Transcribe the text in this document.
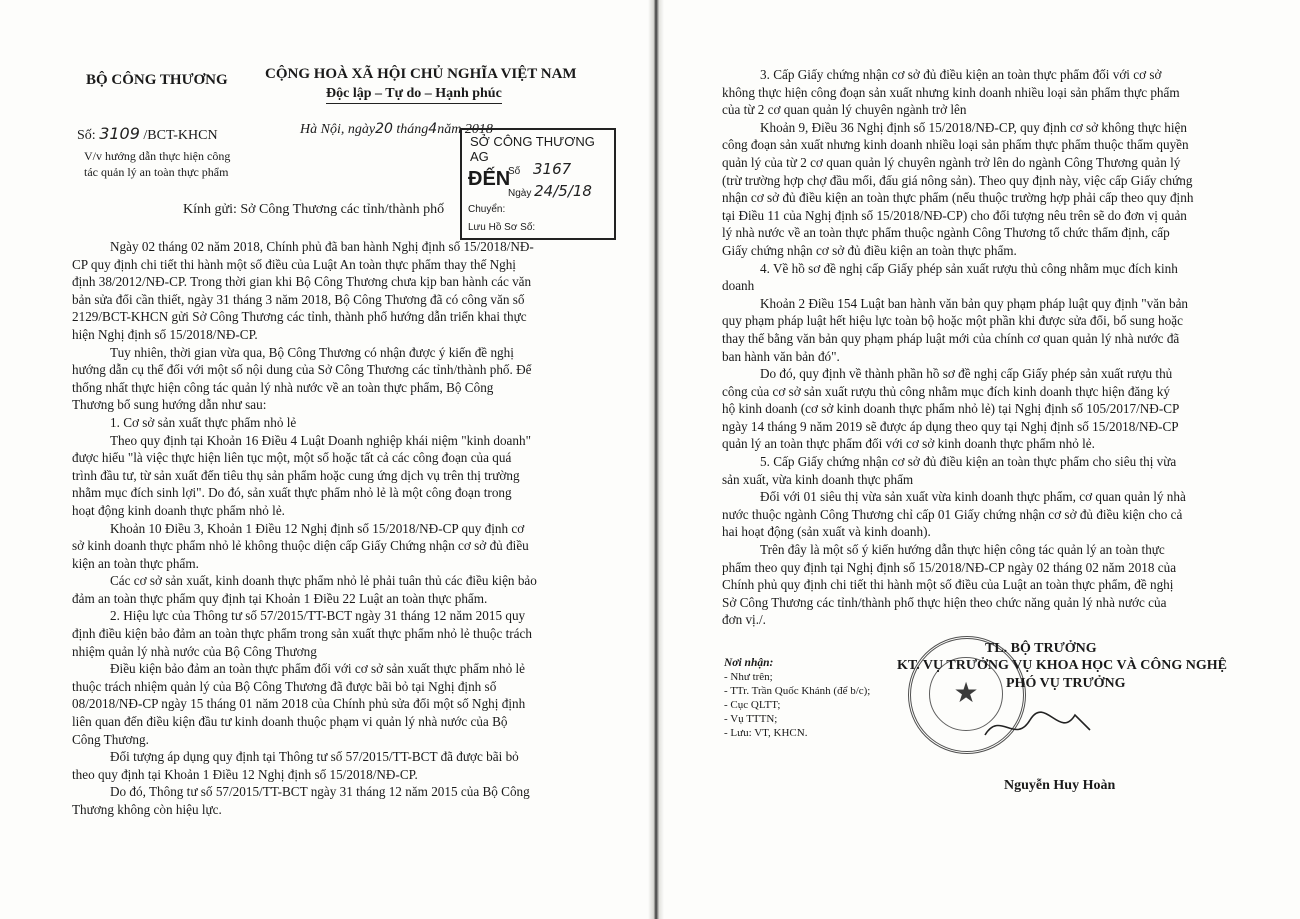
BỘ CÔNG THƯƠNG CỘNG HOÀ XÃ HỘI CHỦ NGHĨA VIỆT NAM
Độc lập – Tự do – Hạnh phúc
Số: 3109 /BCT-KHCN	Hà Nội, ngày20 tháng4năm 2018
V/v hướng dẫn thực hiện công
tác quản lý an toàn thực phẩm
SỞ CÔNG THƯƠNG AG
ĐẾN
Số 3167
Ngày 24/5/18
Chuyển:
Lưu Hồ Sơ Số:
Kính gửi: Sở Công Thương các tỉnh/thành phố
Ngày 02 tháng 02 năm 2018, Chính phủ đã ban hành Nghị định số 15/2018/NĐ-
CP quy định chi tiết thi hành một số điều của Luật An toàn thực phẩm thay thế Nghị
định 38/2012/NĐ-CP. Trong thời gian khi Bộ Công Thương chưa kịp ban hành các văn
bản sửa đổi cần thiết, ngày 31 tháng 3 năm 2018, Bộ Công Thương đã có công văn số
2129/BCT-KHCN gửi Sở Công Thương các tỉnh, thành phố hướng dẫn triển khai thực
hiện Nghị định số 15/2018/NĐ-CP.
Tuy nhiên, thời gian vừa qua, Bộ Công Thương có nhận được ý kiến đề nghị
hướng dẫn cụ thể đối với một số nội dung của Sở Công Thương các tỉnh/thành phố. Để
thống nhất thực hiện công tác quản lý nhà nước về an toàn thực phẩm, Bộ Công
Thương bổ sung hướng dẫn như sau:
1. Cơ sở sản xuất thực phẩm nhỏ lẻ
Theo quy định tại Khoản 16 Điều 4 Luật Doanh nghiệp khái niệm "kinh doanh"
được hiểu "là việc thực hiện liên tục một, một số hoặc tất cả các công đoạn của quá
trình đầu tư, từ sản xuất đến tiêu thụ sản phẩm hoặc cung ứng dịch vụ trên thị trường
nhằm mục đích sinh lợi". Do đó, sản xuất thực phẩm nhỏ lẻ là một công đoạn trong
hoạt động kinh doanh thực phẩm nhỏ lẻ.
Khoản 10 Điều 3, Khoản 1 Điều 12 Nghị định số 15/2018/NĐ-CP quy định cơ
sở kinh doanh thực phẩm nhỏ lẻ không thuộc diện cấp Giấy Chứng nhận cơ sở đủ điều
kiện an toàn thực phẩm.
Các cơ sở sản xuất, kinh doanh thực phẩm nhỏ lẻ phải tuân thủ các điều kiện bảo
đảm an toàn thực phẩm quy định tại Khoản 1 Điều 22 Luật an toàn thực phẩm.
2. Hiệu lực của Thông tư số 57/2015/TT-BCT ngày 31 tháng 12 năm 2015 quy
định điều kiện bảo đảm an toàn thực phẩm trong sản xuất thực phẩm nhỏ lẻ thuộc trách
nhiệm quản lý nhà nước của Bộ Công Thương
Điều kiện bảo đảm an toàn thực phẩm đối với cơ sở sản xuất thực phẩm nhỏ lẻ
thuộc trách nhiệm quản lý của Bộ Công Thương đã được bãi bỏ tại Nghị định số
08/2018/NĐ-CP ngày 15 tháng 01 năm 2018 của Chính phủ sửa đổi một số Nghị định
liên quan đến điều kiện đầu tư kinh doanh thuộc phạm vi quản lý nhà nước của Bộ
Công Thương.
Đối tượng áp dụng quy định tại Thông tư số 57/2015/TT-BCT đã được bãi bỏ
theo quy định tại Khoản 1 Điều 12 Nghị định số 15/2018/NĐ-CP.
Do đó, Thông tư số 57/2015/TT-BCT ngày 31 tháng 12 năm 2015 của Bộ Công
Thương không còn hiệu lực.
3. Cấp Giấy chứng nhận cơ sở đủ điều kiện an toàn thực phẩm đối với cơ sở
không thực hiện công đoạn sản xuất nhưng kinh doanh nhiều loại sản phẩm thực phẩm
của từ 2 cơ quan quản lý chuyên ngành trở lên
Khoản 9, Điều 36 Nghị định số 15/2018/NĐ-CP, quy định cơ sở không thực hiện
công đoạn sản xuất nhưng kinh doanh nhiều loại sản phẩm thực phẩm thuộc thẩm quyền
quản lý của từ 2 cơ quan quản lý chuyên ngành trở lên do ngành Công Thương quản lý
(trừ trường hợp chợ đầu mối, đấu giá nông sản). Theo quy định này, việc cấp Giấy chứng
nhận cơ sở đủ điều kiện an toàn thực phẩm (nếu thuộc trường hợp phải cấp theo quy định
tại Điều 11 của Nghị định số 15/2018/NĐ-CP) cho đối tượng nêu trên sẽ do đơn vị quản
lý nhà nước về an toàn thực phẩm thuộc ngành Công Thương tổ chức thẩm định, cấp
Giấy chứng nhận cơ sở đủ điều kiện an toàn thực phẩm.
4. Về hồ sơ đề nghị cấp Giấy phép sản xuất rượu thủ công nhằm mục đích kinh
doanh
Khoản 2 Điều 154 Luật ban hành văn bản quy phạm pháp luật quy định "văn bản
quy phạm pháp luật hết hiệu lực toàn bộ hoặc một phần khi được sửa đổi, bổ sung hoặc
thay thế bằng văn bản quy phạm pháp luật mới của chính cơ quan quản lý nhà nước đã
ban hành văn bản đó".
Do đó, quy định về thành phần hồ sơ đề nghị cấp Giấy phép sản xuất rượu thủ
công của cơ sở sản xuất rượu thủ công nhằm mục đích kinh doanh thực hiện đăng ký
hộ kinh doanh (cơ sở kinh doanh thực phẩm nhỏ lẻ) tại Nghị định số 105/2017/NĐ-CP
ngày 14 tháng 9 năm 2019 sẽ được áp dụng theo quy tại Nghị định số 15/2018/NĐ-CP
quản lý an toàn thực phẩm đối với cơ sở kinh doanh thực phẩm nhỏ lẻ.
5. Cấp Giấy chứng nhận cơ sở đủ điều kiện an toàn thực phẩm cho siêu thị vừa
sản xuất, vừa kinh doanh thực phẩm
Đối với 01 siêu thị vừa sản xuất vừa kinh doanh thực phẩm, cơ quan quản lý nhà
nước thuộc ngành Công Thương chỉ cấp 01 Giấy chứng nhận cơ sở đủ điều kiện cho cả
hai hoạt động (sản xuất và kinh doanh).
Trên đây là một số ý kiến hướng dẫn thực hiện công tác quản lý an toàn thực
phẩm theo quy định tại Nghị định số 15/2018/NĐ-CP ngày 02 tháng 02 năm 2018 của
Chính phủ quy định chi tiết thi hành một số điều của Luật an toàn thực phẩm, đề nghị
Sở Công Thương các tỉnh/thành phố thực hiện theo chức năng quản lý nhà nước của
đơn vị./.
Nơi nhận:
- Như trên;
- TTr. Trần Quốc Khánh (để b/c);
- Cục QLTT;
- Vụ TTTN;
- Lưu: VT, KHCN.
★
TL. BỘ TRƯỞNG
KT. VỤ TRƯỞNG VỤ KHOA HỌC VÀ CÔNG NGHỆ
PHÓ VỤ TRƯỞNG
Nguyễn Huy Hoàn
